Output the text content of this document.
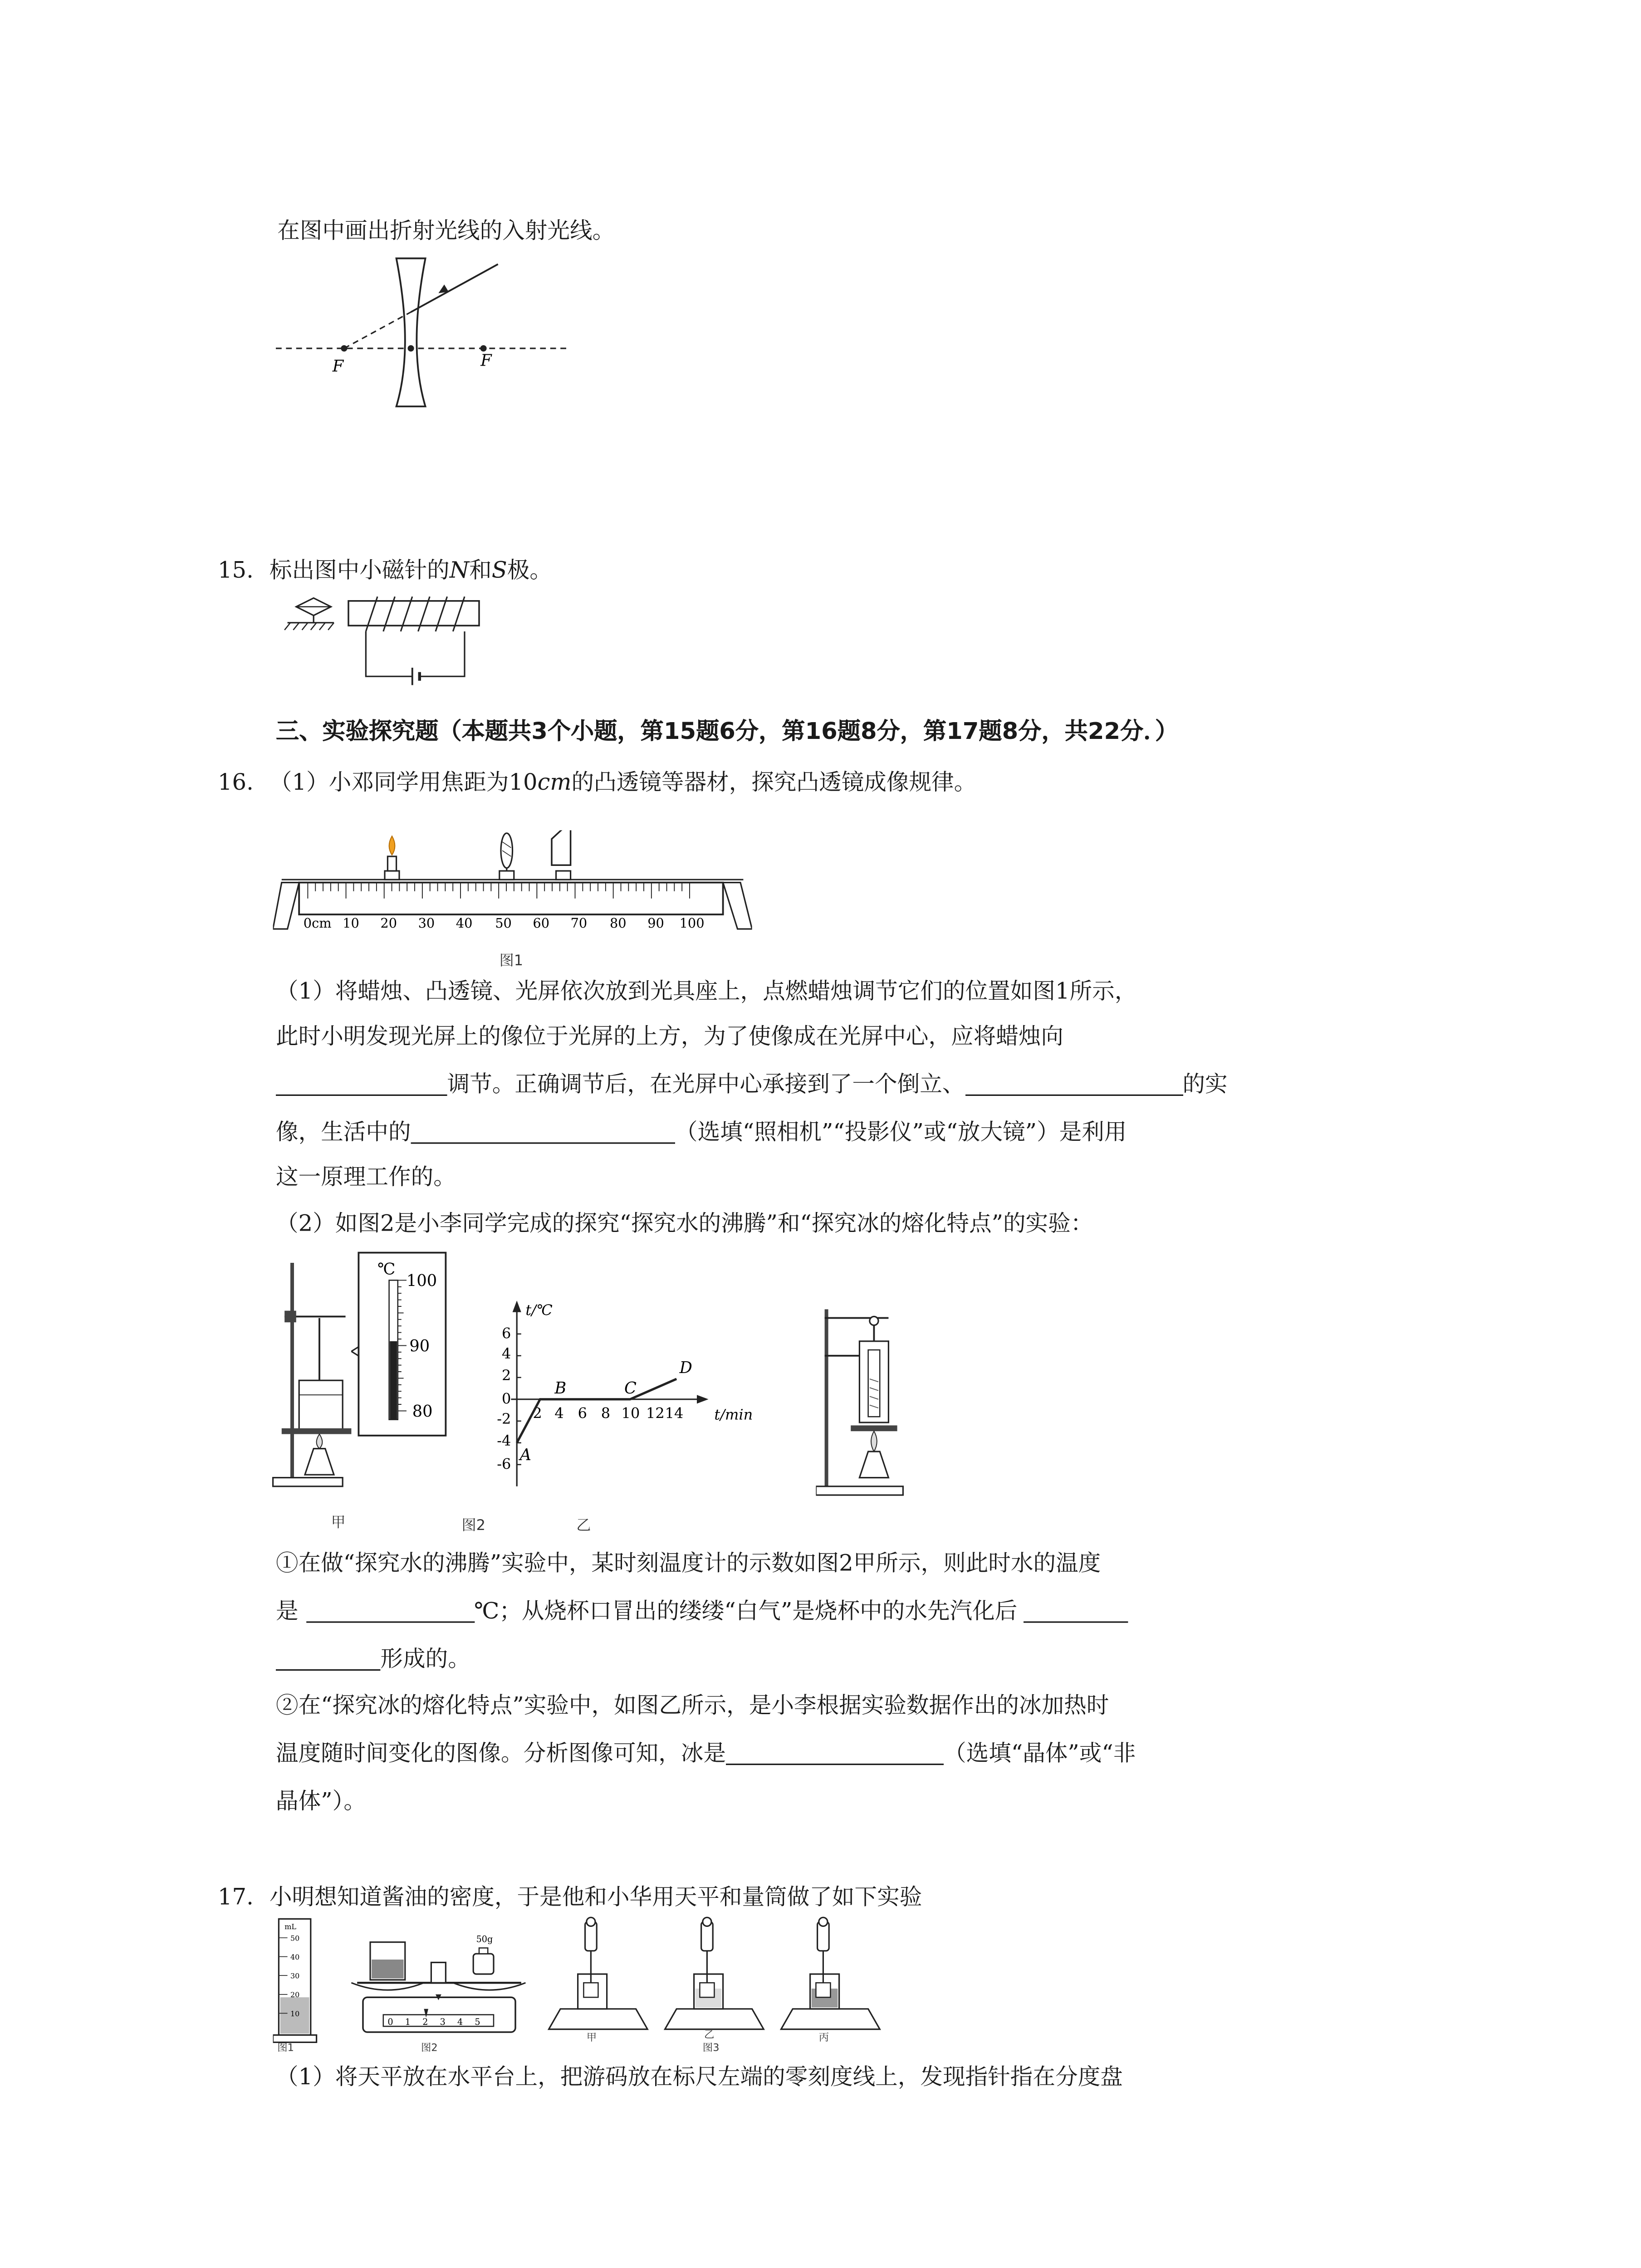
在图中画出折射光线的入射光线。
F	F
15. 标出图中小磁针的N和S极。
三、实验探究题（本题共3个小题，第15题6分，第16题8分，第17题8分，共22分．）
16. （1）小邓同学用焦距为10cm的凸透镜等器材，探究凸透镜成像规律。
0cm	10	20	30	40	50	60	70	80	90	100
图1
（1）将蜡烛、凸透镜、光屏依次放到光具座上，点燃蜡烛调节它们的位置如图1所示，
此时小明发现光屏上的像位于光屏的上方，为了使像成在光屏中心，应将蜡烛向
调节。正确调节后，在光屏中心承接到了一个倒立、	的实
像，生活中的	（选填“照相机”“投影仪”或“放大镜”）是利用
这一原理工作的。
（2）如图2是小李同学完成的探究“探究水的沸腾”和“探究冰的熔化特点”的实验：
℃
100
90
80
t/℃
t/min
6
4
2
0
-2
-4
-6
2	4	6	8 10 12 14
A
B	C
D
甲	图2	乙
①在做“探究水的沸腾”实验中，某时刻温度计的示数如图2甲所示，则此时水的温度
是	℃；从烧杯口冒出的缕缕“白气”是烧杯中的水先汽化后
形成的。
②在“探究冰的熔化特点”实验中，如图乙所示，是小李根据实验数据作出的冰加热时
温度随时间变化的图像。分析图像可知，冰是	（选填“晶体”或“非
晶体”）。
17. 小明想知道酱油的密度，于是他和小华用天平和量筒做了如下实验
mL
50
40
30
20
10
50g
0	1	2	3	4	5
图1	图2
甲	乙
图3
丙
（1）将天平放在水平台上，把游码放在标尺左端的零刻度线上，发现指针指在分度盘
